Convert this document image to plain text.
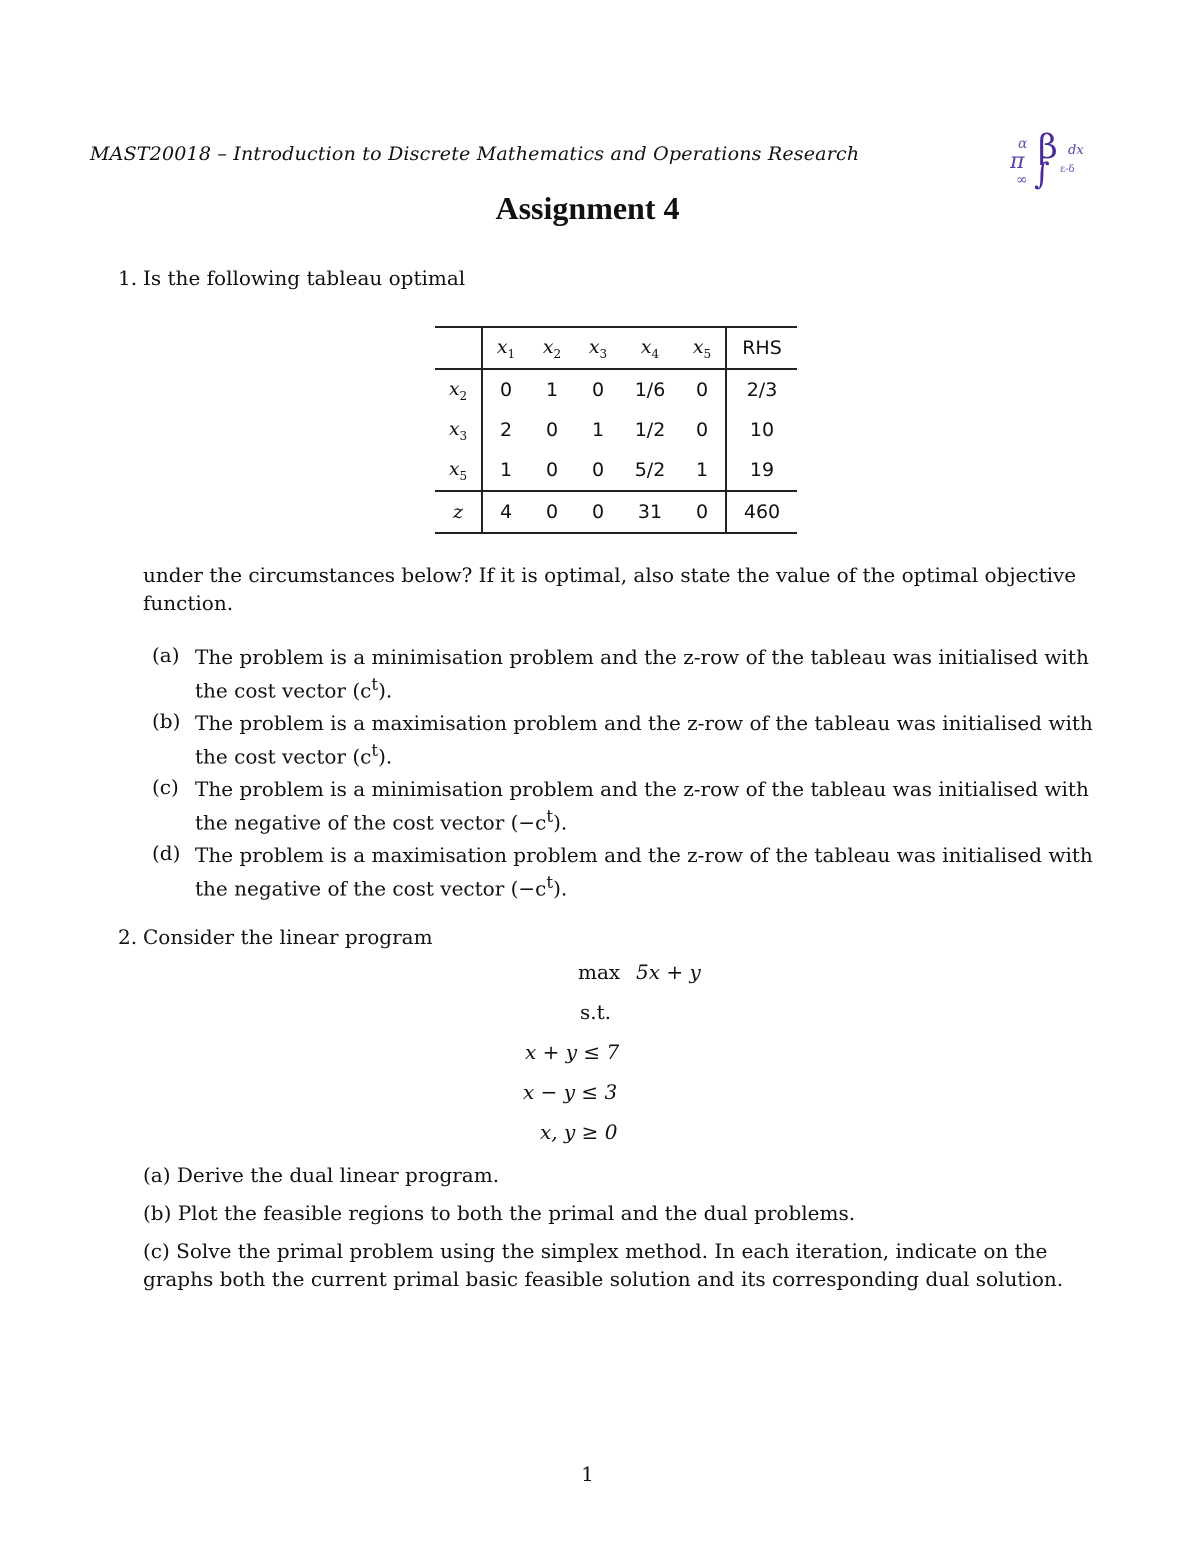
MAST20018 – Introduction to Discrete Mathematics and Operations Research	α β
π ∫
dx
ε-δ
∞
Assignment 4
1. Is the following tableau optimal
	$x_1$	$x_2$	$x_3$	$x_4$	$x_5$	RHS
$x_2$	0	1	0	1/6	0	2/3
$x_3$	2	0	1	1/2	0	10
$x_5$	1	0	0	5/2	1	19
z	4	0	0	31	0	460
under the circumstances below? If it is optimal, also state the value of the optimal objective
function.
(a) The problem is a minimisation problem and the z-row of the tableau was initialised with
the cost vector $(c^t)$.
(b) The problem is a maximisation problem and the z-row of the tableau was initialised with
the cost vector $(c^t)$.
(c) The problem is a minimisation problem and the z-row of the tableau was initialised with
the negative of the cost vector $(-c^t)$.
(d) The problem is a maximisation problem and the z-row of the tableau was initialised with
the negative of the cost vector $(-c^t)$.
2. Consider the linear program
max 5x + y
s.t.
x + y ≤ 7
x − y ≤ 3
x, y ≥ 0
(a) Derive the dual linear program.
(b) Plot the feasible regions to both the primal and the dual problems.
(c) Solve the primal problem using the simplex method. In each iteration, indicate on the
graphs both the current primal basic feasible solution and its corresponding dual solution.
1
